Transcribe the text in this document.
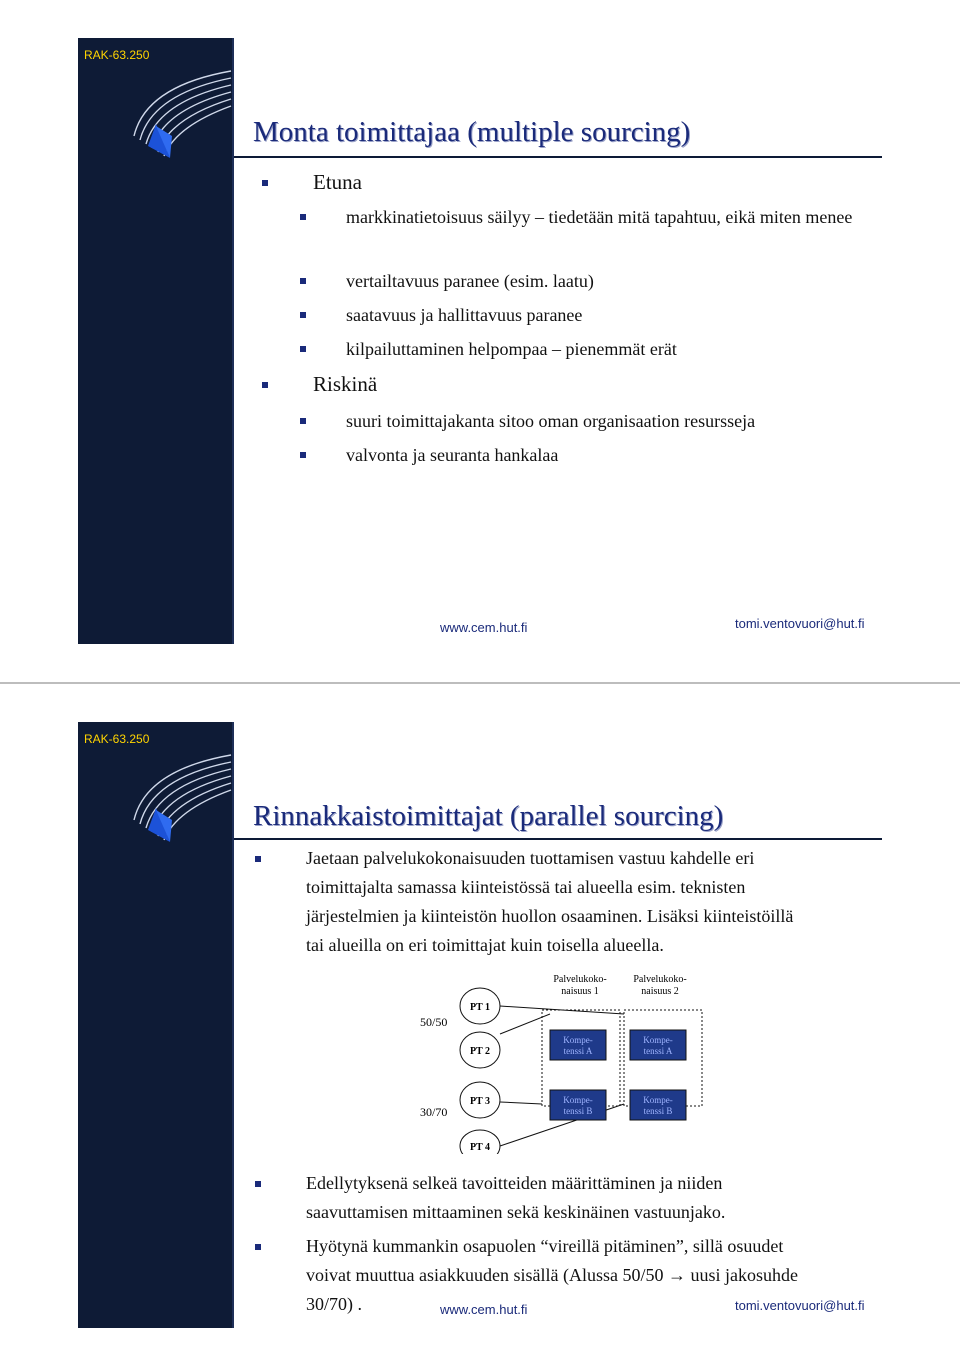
RAK-63.250
Monta toimittajaa (multiple sourcing)
Etuna
markkinatietoisuus säilyy – tiedetään mitä tapahtuu, eikä miten menee
vertailtavuus paranee (esim. laatu)
saatavuus ja hallittavuus paranee
kilpailuttaminen helpompaa – pienemmät erät
Riskinä
suuri toimittajakanta sitoo oman organisaation resursseja
valvonta ja seuranta hankalaa
www.cem.hut.fi	tomi.ventovuori@hut.fi
RAK-63.250
Rinnakkaistoimittajat (parallel sourcing)
Jaetaan palvelukokonaisuuden tuottamisen vastuu kahdelle eri
toimittajalta samassa kiinteistössä tai alueella esim. teknisten
järjestelmien ja kiinteistön huollon osaaminen. Lisäksi kiinteistöillä
tai alueilla on eri toimittajat kuin toisella alueella.
Palvelukoko-
naisuus 1
Palvelukoko-
naisuus 2
50/50
30/70
PT 1
PT 2
PT 3
PT 4
Kompe-
tenssi A
Kompe-
tenssi A
Kompe-
tenssi B
Kompe-
tenssi B
Edellytyksenä selkeä tavoitteiden määrittäminen ja niiden
saavuttamisen mittaaminen sekä keskinäinen vastuunjako.
Hyötynä kummankin osapuolen “vireillä pitäminen”, sillä osuudet
voivat muuttua asiakkuuden sisällä (Alussa 50/50 → uusi jakosuhde
30/70) .	www.cem.hut.fi	tomi.ventovuori@hut.fi
